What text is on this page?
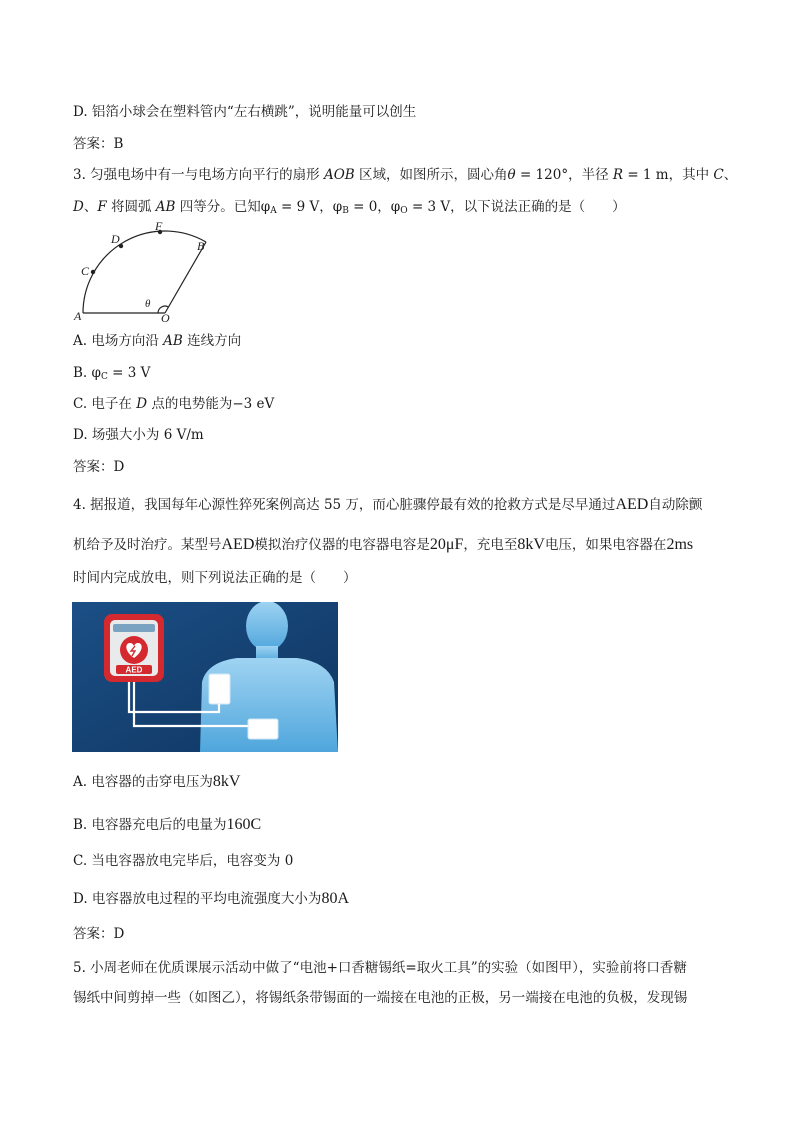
D. 铝箔小球会在塑料管内“左右横跳”，说明能量可以创生
答案：B
3. 匀强电场中有一与电场方向平行的扇形 AOB 区域，如图所示，圆心角θ = 120°，半径 R = 1 m，其中 C、
D、F 将圆弧 AB 四等分。已知$\varphi_A = 9$ V，$\varphi_B = 0$，$\varphi_O = 3$ V，以下说法正确的是（　　）
A	O
B
C
D
F
θ
A. 电场方向沿 AB 连线方向
B. $\varphi_C = 3$ V
C. 电子在 D 点的电势能为−3 eV
D. 场强大小为 6 V/m
答案：D
4. 据报道，我国每年心源性猝死案例高达 55 万，而心脏骤停最有效的抢救方式是尽早通过AED自动除颤
机给予及时治疗。某型号AED模拟治疗仪器的电容器电容是20μF，充电至8kV电压，如果电容器在2ms
时间内完成放电，则下列说法正确的是（　　）
AED
A. 电容器的击穿电压为8kV
B. 电容器充电后的电量为160C
C. 当电容器放电完毕后，电容变为 0
D. 电容器放电过程的平均电流强度大小为80A
答案：D
5. 小周老师在优质课展示活动中做了“电池+口香糖锡纸=取火工具”的实验（如图甲），实验前将口香糖
锡纸中间剪掉一些（如图乙），将锡纸条带锡面的一端接在电池的正极，另一端接在电池的负极，发现锡
